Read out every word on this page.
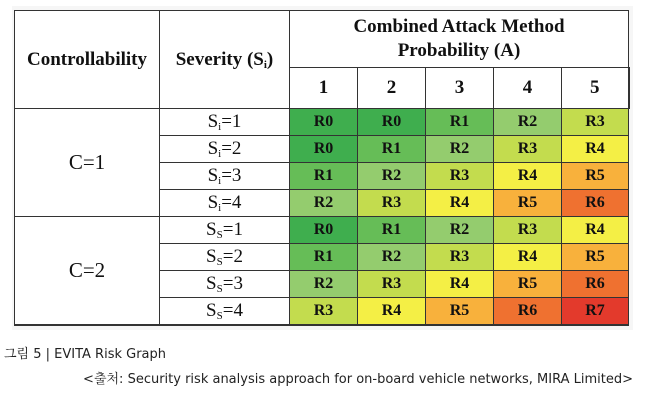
Controllability	Severity $(S_i)$	Combined Attack Method
Probability (A)				
		1	2	3	4	5
C=1	$S_i=1$	R0	R0	R1	R2	R3
	$S_i=2$	R0	R1	R2	R3	R4
	$S_i=3$	R1	R2	R3	R4	R5
	$S_i=4$	R2	R3	R4	R5	R6
C=2	$S_S=1$	R0	R1	R2	R3	R4
	$S_S=2$	R1	R2	R3	R4	R5
	$S_S=3$	R2	R3	R4	R5	R6
	$S_S=4$	R3	R4	R5	R6	R7
그림 5 | EVITA Risk Graph
<출처: Security risk analysis approach for on-board vehicle networks, MIRA Limited>
